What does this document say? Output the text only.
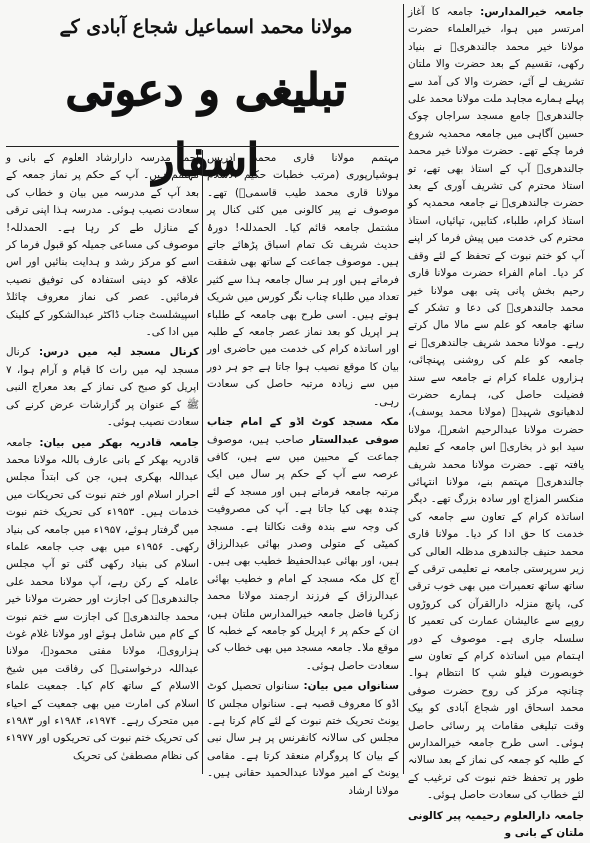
مولانا محمد اسماعیل شجاع آبادی کے
تبلیغی و دعوتی اسفار

جامعہ خیرالمدارس: جامعہ کا آغاز امرتسر میں ہوا، خیرالعلماء حضرت مولانا خیر محمد جالندھریؒ نے بنیاد رکھی، تقسیم کے بعد حضرت والا ملتان تشریف لے آئے، حضرت والا کی آمد سے پہلے ہمارے مجاہد ملت مولانا محمد علی جالندھریؒ جامع مسجد سراجاں چوک حسین آگاہی میں جامعہ محمدیہ شروع فرما چکے تھے۔ حضرت مولانا خیر محمد جالندھریؒ آپ کے استاذ بھی تھے، تو استاذ محترم کی تشریف آوری کے بعد حضرت جالندھریؒ نے جامعہ محمدیہ کو استاذ کرام، طلباء، کتابیں، تپائیاں، استاذ محترم کی خدمت میں پیش فرما کر اپنے آپ کو ختم نبوت کے تحفظ کے لئے وقف کر دیا۔ امام الفراء حضرت مولانا قاری رحیم بخش پانی پتی بھی مولانا خیر محمد جالندھریؒ کی دعا و تشکر کے ساتھ جامعہ کو علم سے مالا مال کرتے رہے۔ مولانا محمد شریف جالندھریؒ نے جامعہ کو علم کی روشنی پہنچائی، ہزاروں علماء کرام نے جامعہ سے سند فضیلت حاصل کی، ہمارے حضرت لدھیانوی شہیدؒ (مولانا محمد یوسف)، حضرت مولانا عبدالرحیم اشعرؒ، مولانا سید ابو ذر بخاریؒ اس جامعہ کے تعلیم یافتہ تھے۔ حضرت مولانا محمد شریف جالندھریؒ مہتمم بنے، مولانا انتہائی منکسر المزاج اور سادہ بزرگ تھے۔ دیگر اساتذہ کرام کے تعاون سے جامعہ کی خدمت کا حق ادا کر دیا۔ مولانا قاری محمد حنیف جالندھری مدظلہ العالی کی زیر سرپرستی جامعہ نے تعلیمی ترقی کے ساتھ ساتھ تعمیرات میں بھی خوب ترقی کی، پانچ منزلہ دارالقرآن کی کروڑوں روپے سے عالیشان عمارت کی تعمیر کا سلسلہ جاری ہے۔ موصوف کے دور اہتمام میں اساتذہ کرام کے تعاون سے خوبصورت فیلو شپ کا انتظام ہوا۔ چنانچہ مرکز کی روح حضرت صوفی محمد اسحاق اور شجاع آبادی کو بیک وقت تبلیغی مقامات پر رسائی حاصل ہوئی۔ اسی طرح جامعہ خیرالمدارس کے طلبہ کو جمعہ کی نماز کے بعد سالانہ طور پر تحفظ ختم نبوت کی ترغیب کے لئے خطاب کی سعادت حاصل ہوئی۔

جامعہ دارالعلوم رحیمیہ پیر کالونی ملتان کے بانی و

مہتمم مولانا قاری محمد ادریس ہوشیارپوری (مرتب خطبات حکیم الاسلام مولانا قاری محمد طیب قاسمیؒ) تھے۔ موصوف نے پیر کالونی میں کئی کنال پر مشتمل جامعہ قائم کیا۔ الحمدللہ! دورۂ حدیث شریف تک تمام اسباق پڑھائے جاتے ہیں۔ موصوف جماعت کے ساتھ بھی شفقت فرماتے ہیں اور ہر سال جامعہ ہذا سے کثیر تعداد میں طلباء چناب نگر کورس میں شریک ہوتے ہیں۔ اسی طرح بھی جامعہ کے طلباء ہر اپریل کو بعد نماز عصر جامعہ کے طلبہ اور اساتذہ کرام کی خدمت میں حاضری اور بیان کا موقع نصیب ہوا جاتا ہے جو ہر دور میں سے زیادہ مرتبہ حاصل کی سعادت رہی۔

مکہ مسجد کوٹ اڈو کے امام جناب صوفی عبدالستار صاحب ہیں، موصوف جماعت کے محبین میں سے ہیں، کافی عرصہ سے آپ کے حکم پر سال میں ایک مرتبہ جامعہ فرماتے ہیں اور مسجد کے لئے چندہ بھی کیا جاتا ہے۔ آپ کی مصروفیت کی وجہ سے بندہ وقت نکالتا ہے۔ مسجد کمیٹی کے متولی وصدر بھائی عبدالرزاق ہیں، اور بھائی عبدالحفیظ خطیب بھی ہیں۔ آج کل مکہ مسجد کے امام و خطیب بھائی عبدالرزاق کے فرزند ارجمند مولانا محمد زکریا فاضل جامعہ خیرالمدارس ملتان ہیں، ان کے حکم پر ۶ اپریل کو جامعہ کے خطبہ کا موقع ملا۔ جامعہ مسجد میں بھی خطاب کی سعادت حاصل ہوئی۔

سنانواں میں بیان: سنانواں تحصیل کوٹ اڈو کا معروف قصبہ ہے۔ سنانواں مجلس کا یونٹ تحریک ختم نبوت کے لئے کام کرتا ہے۔ مجلس کی سالانہ کانفرنس پر ہر سال نبی کے بیان کا پروگرام منعقد کرتا ہے۔ مقامی یونٹ کے امیر مولانا عبدالحمید حقانی ہیں۔ مولانا ارشاد

احمد مدرسہ دارارشاد العلوم کے بانی و مہتمم ہیں۔ آپ کے حکم پر نماز جمعہ کے بعد آپ کے مدرسہ میں بیان و خطاب کی سعادت نصیب ہوئی۔ مدرسہ ہذا اپنی ترقی کے منازل طے کر رہا ہے۔ الحمدللہ! موصوف کی مساعی جمیلہ کو قبول فرما کر اسے کو مرکز رشد و ہدایت بنائیں اور اس علاقہ کو دینی استفادہ کی توفیق نصیب فرمائیں۔ عصر کی نماز معروف چائلڈ اسپیشلسٹ جناب ڈاکٹر عبدالشکور کے کلینک میں ادا کی۔

کرنال مسجد لیہ میں درس: کرنال مسجد لیہ میں رات کا قیام و آرام ہوا، ۷ اپریل کو صبح کی نماز کے بعد معراج النبی ﷺ کے عنوان پر گزارشات عرض کرنے کی سعادت نصیب ہوئی۔

جامعہ قادریہ بھکر میں بیان: جامعہ قادریہ بھکر کے بانی عارف باللہ مولانا محمد عبداللہ بھکری ہیں، جن کی ابتداً مجلس احرار اسلام اور ختم نبوت کی تحریکات میں خدمات ہیں۔ ۱۹۵۳ء کی تحریک ختم نبوت میں گرفتار ہوئے، ۱۹۵۷ء میں جامعہ کی بنیاد رکھی۔ ۱۹۵۶ء میں بھی جب جامعہ علماء اسلام کی بنیاد رکھی گئی تو آپ مجلس عاملہ کے رکن رہے، آپ مولانا محمد علی جالندھریؒ کی اجازت اور حضرت مولانا خیر محمد جالندھریؒ کی اجازت سے ختم نبوت کے کام میں شامل ہوئے اور مولانا غلام غوث ہزارویؒ، مولانا مفتی محمودؒ، مولانا عبداللہ درخواستیؒ کی رفاقت میں شیخ الاسلام کے ساتھ کام کیا۔ جمعیت علماء اسلام کی امارت میں بھی جمعیت کے احیاء میں متحرک رہے۔ ۱۹۷۴ء، ۱۹۸۴ء اور ۱۹۸۳ء کی تحریک ختم نبوت کی تحریکوں اور ۱۹۷۷ء کی نظام مصطفیٰ کی تحریک
